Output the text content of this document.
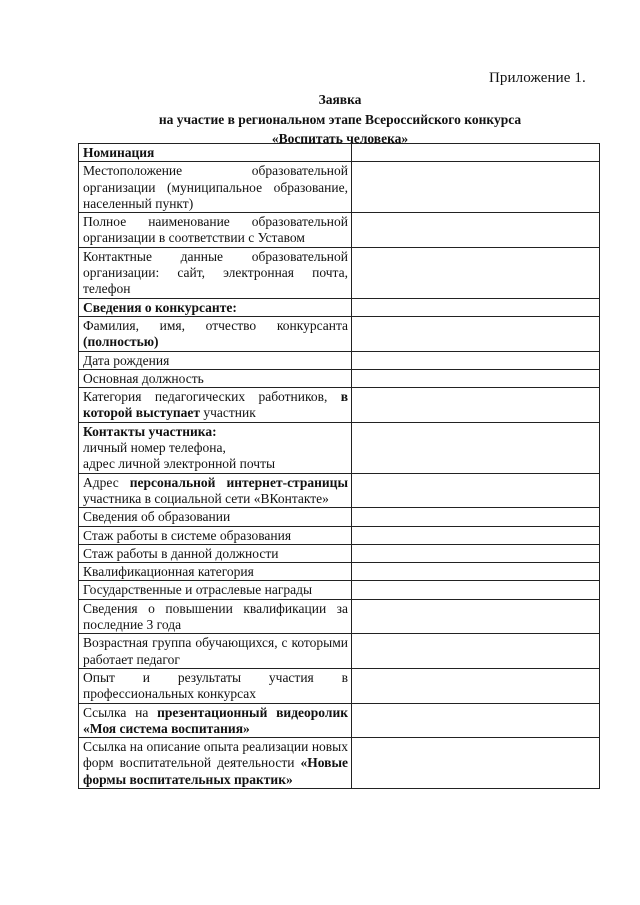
Приложение 1.
Заявка
на участие в региональном этапе Всероссийского конкурса
«Воспитать человека»
Номинация	
Местоположение образовательной организации (муниципальное образование, населенный пункт)	
Полное наименование образовательной организации в соответствии с Уставом	
Контактные данные образовательной организации: сайт, электронная почта, телефон	
Сведения о конкурсанте:	
Фамилия, имя, отчество конкурсанта (полностью)	
Дата рождения	
Основная должность	
Категория педагогических работников, в которой выступает участник	
Контакты участника:
личный номер телефона,
адрес личной электронной почты	
Адрес персональной интернет-страницы участника в социальной сети «ВКонтакте»	
Сведения об образовании	
Стаж работы в системе образования	
Стаж работы в данной должности	
Квалификационная категория	
Государственные и отраслевые награды	
Сведения о повышении квалификации за последние 3 года	
Возрастная группа обучающихся, с которыми работает педагог	
Опыт и результаты участия в профессиональных конкурсах	
Ссылка на презентационный видеоролик «Моя система воспитания»	
Ссылка на описание опыта реализации новых форм воспитательной деятельности «Новые формы воспитательных практик»	
